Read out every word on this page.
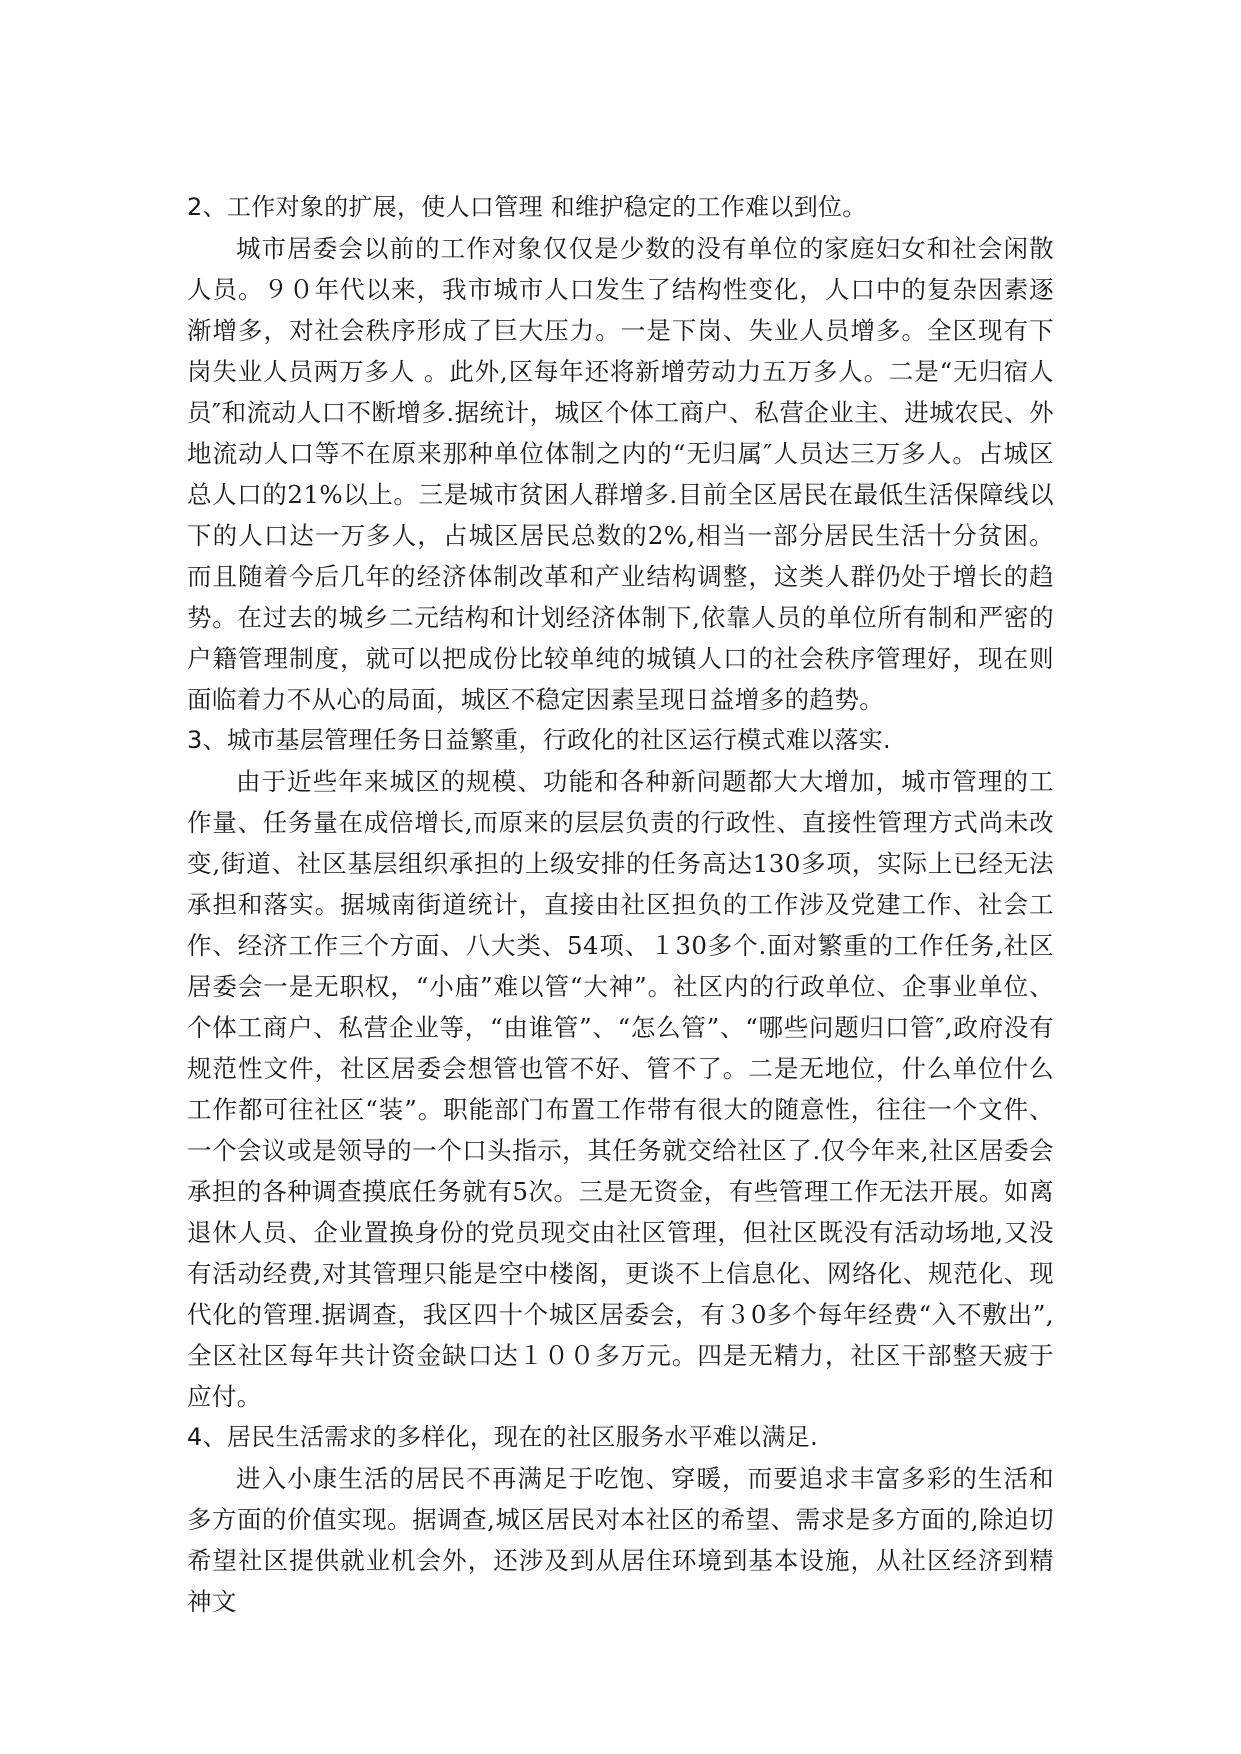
2、工作对象的扩展，使人口管理 和维护稳定的工作难以到位。

城市居委会以前的工作对象仅仅是少数的没有单位的家庭妇女和社会闲散人员。９０年代以来，我市城市人口发生了结构性变化，人口中的复杂因素逐渐增多，对社会秩序形成了巨大压力。一是下岗、失业人员增多。全区现有下岗失业人员两万多人 。此外,区每年还将新增劳动力五万多人。二是“无归宿人员″和流动人口不断增多.据统计，城区个体工商户、私营企业主、进城农民、外地流动人口等不在原来那种单位体制之内的“无归属″人员达三万多人。占城区总人口的21%以上。三是城市贫困人群增多.目前全区居民在最低生活保障线以下的人口达一万多人，占城区居民总数的2%,相当一部分居民生活十分贫困。而且随着今后几年的经济体制改革和产业结构调整，这类人群仍处于增长的趋势。在过去的城乡二元结构和计划经济体制下,依靠人员的单位所有制和严密的户籍管理制度，就可以把成份比较单纯的城镇人口的社会秩序管理好，现在则面临着力不从心的局面，城区不稳定因素呈现日益增多的趋势。

3、城市基层管理任务日益繁重，行政化的社区运行模式难以落实.

由于近些年来城区的规模、功能和各种新问题都大大增加，城市管理的工作量、任务量在成倍增长,而原来的层层负责的行政性、直接性管理方式尚未改变,街道、社区基层组织承担的上级安排的任务高达130多项，实际上已经无法承担和落实。据城南街道统计，直接由社区担负的工作涉及党建工作、社会工作、经济工作三个方面、八大类、54项、１30多个.面对繁重的工作任务,社区居委会一是无职权，“小庙”难以管“大神”。社区内的行政单位、企事业单位、个体工商户、私营企业等，“由谁管”、“怎么管”、“哪些问题归口管″,政府没有规范性文件，社区居委会想管也管不好、管不了。二是无地位，什么单位什么工作都可往社区“装”。职能部门布置工作带有很大的随意性，往往一个文件、一个会议或是领导的一个口头指示，其任务就交给社区了.仅今年来,社区居委会承担的各种调查摸底任务就有5次。三是无资金，有些管理工作无法开展。如离退休人员、企业置换身份的党员现交由社区管理，但社区既没有活动场地,又没有活动经费,对其管理只能是空中楼阁，更谈不上信息化、网络化、规范化、现代化的管理.据调查，我区四十个城区居委会，有３0多个每年经费“入不敷出”,全区社区每年共计资金缺口达１００多万元。四是无精力，社区干部整天疲于应付。

4、居民生活需求的多样化，现在的社区服务水平难以满足.

进入小康生活的居民不再满足于吃饱、穿暖，而要追求丰富多彩的生活和多方面的价值实现。据调查,城区居民对本社区的希望、需求是多方面的,除迫切希望社区提供就业机会外，还涉及到从居住环境到基本设施，从社区经济到精神文
